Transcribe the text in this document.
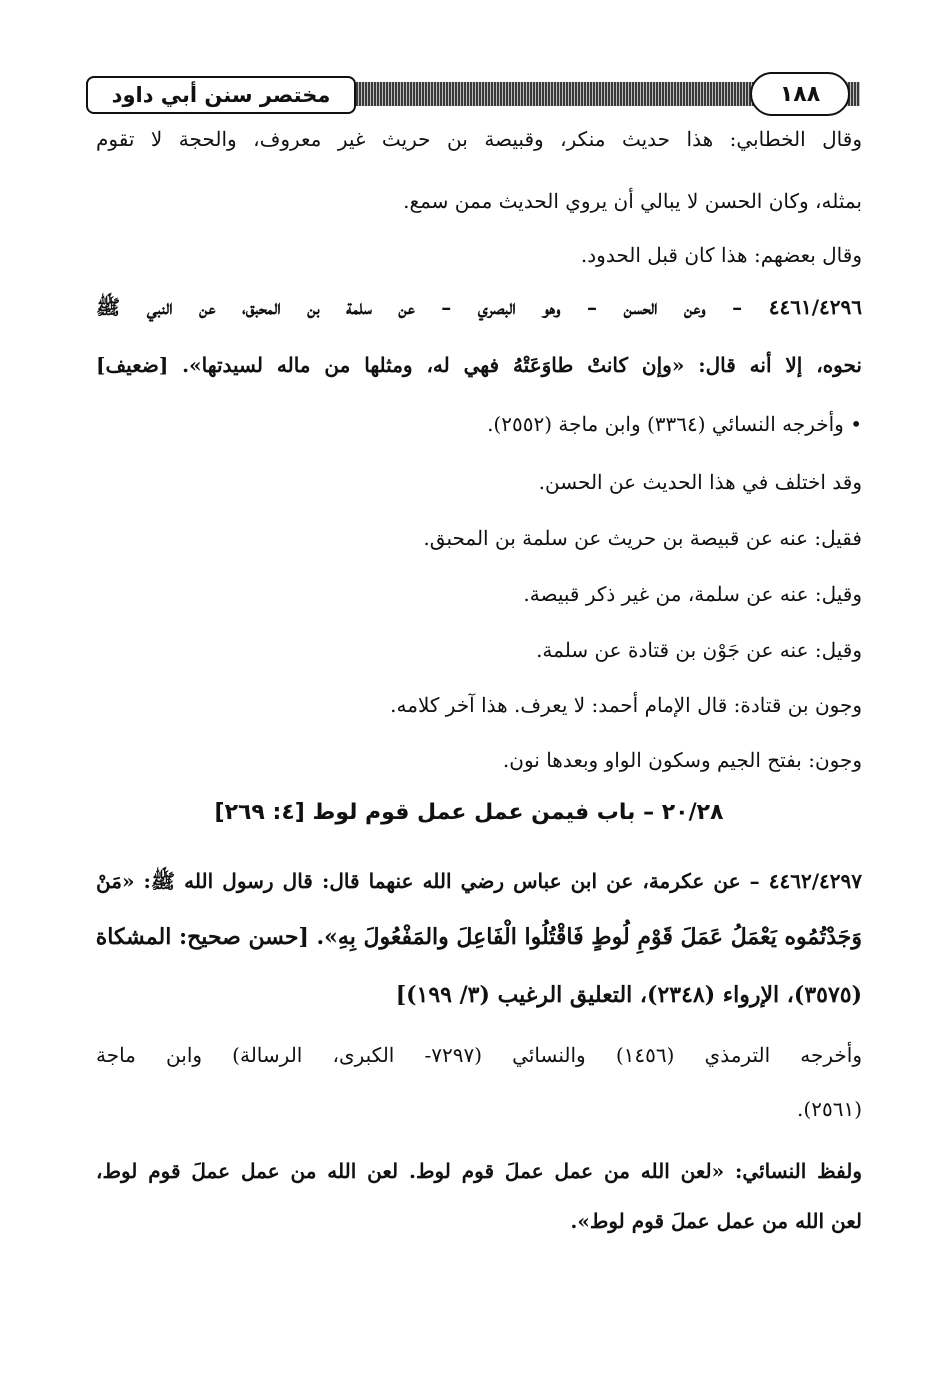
مختصر سنن أبي داود	١٨٨
وقال الخطابي: هذا حديث منكر، وقبيصة بن حريث غير معروف، والحجة لا تقوم
بمثله، وكان الحسن لا يبالي أن يروي الحديث ممن سمع.
وقال بعضهم: هذا كان قبل الحدود.
٤٤٦١/٤٢٩٦ – وعن الحسن – وهو البصري – عن سلمة بن المحبق، عن النبي ﷺ
نحوه، إلا أنه قال: «وإن كانتْ طاوَعَتْهُ فهي له، ومثلها من ماله لسيدتها». [ضعيف]
• وأخرجه النسائي (٣٣٦٤) وابن ماجة (٢٥٥٢).
وقد اختلف في هذا الحديث عن الحسن.
فقيل: عنه عن قبيصة بن حريث عن سلمة بن المحبق.
وقيل: عنه عن سلمة، من غير ذكر قبيصة.
وقيل: عنه عن جَوْن بن قتادة عن سلمة.
وجون بن قتادة: قال الإمام أحمد: لا يعرف. هذا آخر كلامه.
وجون: بفتح الجيم وسكون الواو وبعدها نون.
٢٠/٢٨ – باب فيمن عمل عمل قوم لوط [٤: ٢٦٩]
٤٤٦٢/٤٢٩٧ – عن عكرمة، عن ابن عباس رضي الله عنهما قال: قال رسول الله ﷺ: «مَنْ
وَجَدْتُمُوه يَعْمَلُ عَمَلَ قَوْمِ لُوطٍ فَاقْتُلُوا الْفَاعِلَ والمَفْعُولَ بِهِ». [حسن صحيح: المشكاة
(٣٥٧٥)، الإرواء (٢٣٤٨)، التعليق الرغيب (٣/ ١٩٩)]
وأخرجه الترمذي (١٤٥٦) والنسائي (٧٢٩٧- الكبرى، الرسالة) وابن ماجة
(٢٥٦١).
ولفظ النسائي: «لعن الله من عمل عملَ قوم لوط. لعن الله من عمل عملَ قوم لوط،
لعن الله من عمل عملَ قوم لوط».
